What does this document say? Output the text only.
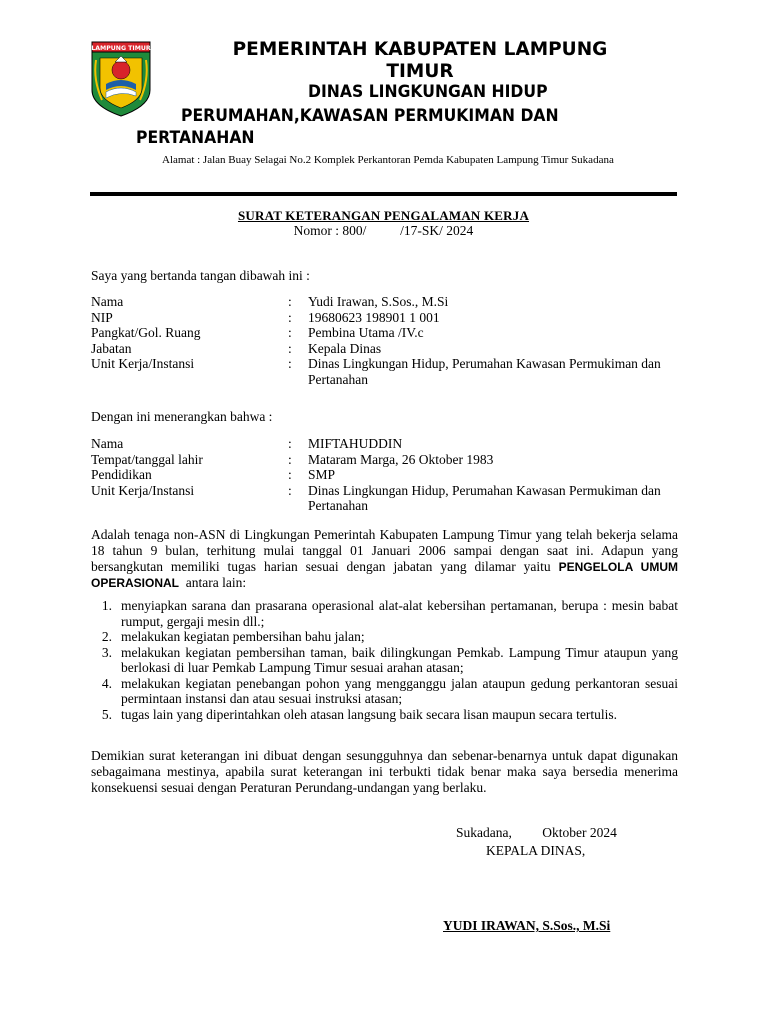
LAMPUNG TIMUR	PEMERINTAH KABUPATEN LAMPUNG
TIMUR
DINAS LINGKUNGAN HIDUP
PERUMAHAN,KAWASAN PERMUKIMAN DAN
PERTANAHAN
Alamat : Jalan Buay Selagai No.2 Komplek Perkantoran Pemda Kabupaten Lampung Timur Sukadana
SURAT KETERANGAN PENGALAMAN KERJA
Nomor : 800/          /17-SK/ 2024
Saya yang bertanda tangan dibawah ini :
Nama	: Yudi Irawan, S.Sos., M.Si
NIP	: 19680623 198901 1 001
Pangkat/Gol. Ruang	: Pembina Utama /IV.c
Jabatan	: Kepala Dinas
Unit Kerja/Instansi	: Dinas Lingkungan Hidup, Perumahan Kawasan Permukiman dan Pertanahan
Dengan ini menerangkan bahwa :
Nama	: MIFTAHUDDIN
Tempat/tanggal lahir	: Mataram Marga, 26 Oktober 1983
Pendidikan	: SMP
Unit Kerja/Instansi	: Dinas Lingkungan Hidup, Perumahan Kawasan Permukiman dan Pertanahan
Adalah tenaga non-ASN di Lingkungan Pemerintah Kabupaten Lampung Timur yang telah bekerja selama 18 tahun 9 bulan, terhitung mulai tanggal 01 Januari 2006 sampai dengan saat ini. Adapun yang bersangkutan memiliki tugas harian sesuai dengan jabatan yang dilamar yaitu PENGELOLA UMUM OPERASIONAL  antara lain:
1. menyiapkan sarana dan prasarana operasional alat-alat kebersihan pertamanan, berupa : mesin babat rumput, gergaji mesin dll.;
2. melakukan kegiatan pembersihan bahu jalan;
3. melakukan kegiatan pembersihan taman, baik dilingkungan Pemkab. Lampung Timur ataupun yang berlokasi di luar Pemkab Lampung Timur sesuai arahan atasan;
4. melakukan kegiatan penebangan pohon yang mengganggu jalan ataupun gedung perkantoran sesuai permintaan instansi dan atau sesuai instruksi atasan;
5. tugas lain yang diperintahkan oleh atasan langsung baik secara lisan maupun secara tertulis.
Demikian surat keterangan ini dibuat dengan sesungguhnya dan sebenar-benarnya untuk dapat digunakan sebagaimana mestinya, apabila surat keterangan ini terbukti tidak benar maka saya bersedia menerima konsekuensi sesuai dengan Peraturan Perundang-undangan yang berlaku.
Sukadana,         Oktober 2024
KEPALA DINAS,
YUDI IRAWAN, S.Sos., M.Si
